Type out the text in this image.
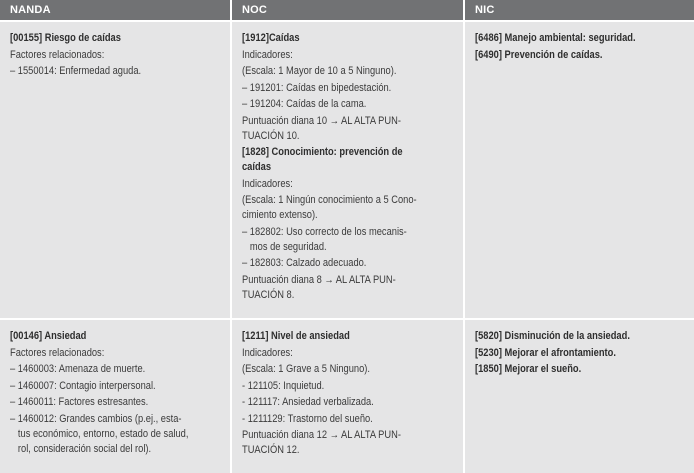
NANDA	NOC	NIC
[00155] Riesgo de caídas
Factores relacionados:
– 1550014: Enfermedad aguda.
[1912]Caídas
Indicadores:
(Escala: 1 Mayor de 10 a 5 Ninguno).
– 191201: Caídas en bipedestación.
– 191204: Caídas de la cama.
Puntuación diana 10 → AL ALTA PUN-
TUACIÓN 10.
[1828] Conocimiento: prevención de
caídas
Indicadores:
(Escala: 1 Ningún conocimiento a 5 Cono-
cimiento extenso).
– 182802: Uso correcto de los mecanis-
mos de seguridad.
– 182803: Calzado adecuado.
Puntuación diana 8 → AL ALTA PUN-
TUACIÓN 8.
[6486] Manejo ambiental: seguridad.
[6490] Prevención de caídas.
[00146] Ansiedad
Factores relacionados:
– 1460003: Amenaza de muerte.
– 1460007: Contagio interpersonal.
– 1460011: Factores estresantes.
– 1460012: Grandes cambios (p.ej., esta-
tus económico, entorno, estado de salud,
rol, consideración social del rol).
[1211] Nivel de ansiedad
Indicadores:
(Escala: 1 Grave a 5 Ninguno).
- 121105: Inquietud.
- 121117: Ansiedad verbalizada.
- 1211129: Trastorno del sueño.
Puntuación diana 12 → AL ALTA PUN-
TUACIÓN 12.
[5820] Disminución de la ansiedad.
[5230] Mejorar el afrontamiento.
[1850] Mejorar el sueño.
